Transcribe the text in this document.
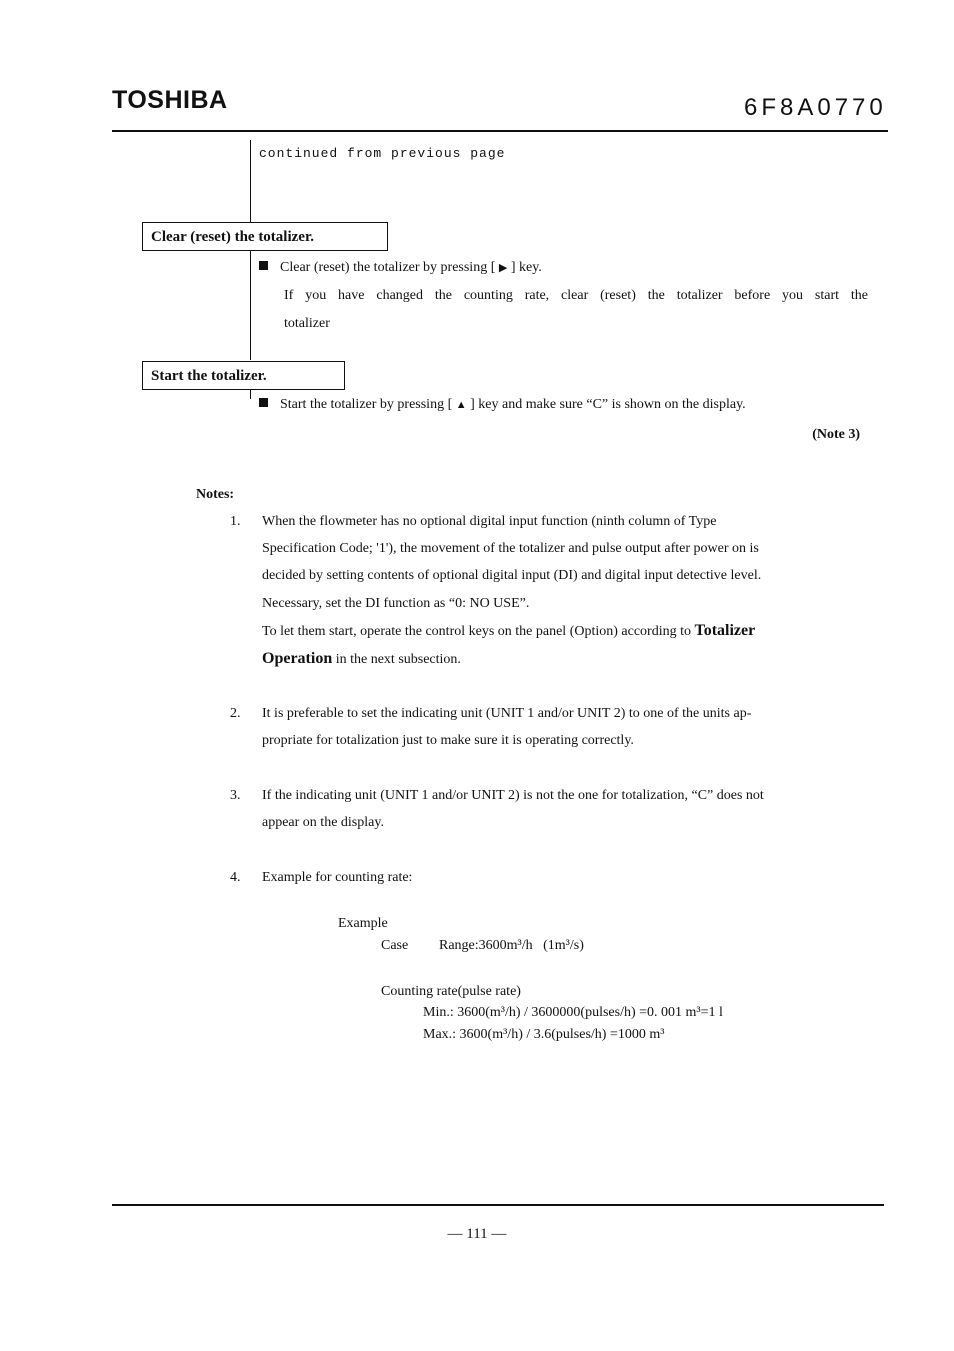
TOSHIBA	6F8A0770
continued from previous page
Clear (reset) the totalizer.
Clear (reset) the totalizer by pressing [ ▶ ] key.
If you have changed the counting rate, clear (reset) the totalizer before you start the
totalizer
Start the totalizer.
Start the totalizer by pressing [ ▲ ] key and make sure “C” is shown on the display.
(Note 3)
Notes:
1. When the flowmeter has no optional digital input function (ninth column of Type
Specification Code; '1'), the movement of the totalizer and pulse output after power on is
decided by setting contents of optional digital input (DI) and digital input detective level.
Necessary, set the DI function as “0: NO USE”.
To let them start, operate the control keys on the panel (Option) according to Totalizer
Operation in the next subsection.
2. It is preferable to set the indicating unit (UNIT 1 and/or UNIT 2) to one of the units ap-
propriate for totalization just to make sure it is operating correctly.
3. If the indicating unit (UNIT 1 and/or UNIT 2) is not the one for totalization, “C” does not
appear on the display.
4. Example for counting rate:
Example
Case Range:3600m³/h   (1m³/s)
Counting rate(pulse rate)
Min.: 3600(m³/h) / 3600000(pulses/h) =0. 001 m³=1 l
Max.: 3600(m³/h) / 3.6(pulses/h) =1000 m³
— 111 —
